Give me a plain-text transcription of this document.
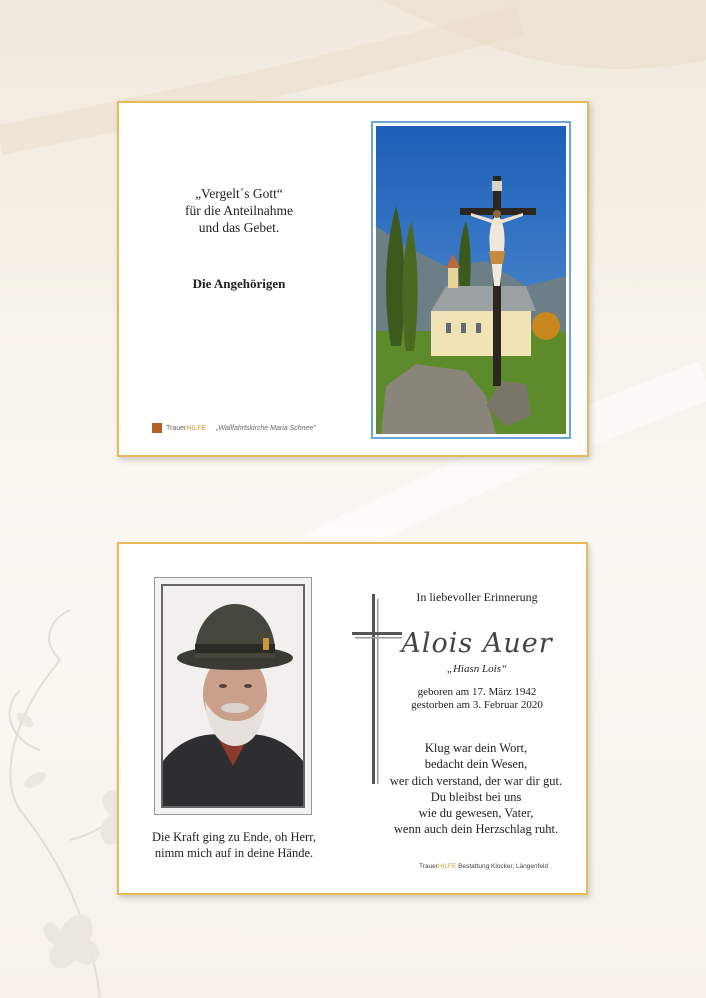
„Vergelt´s Gott“
für die Anteilnahme
und das Gebet.
Die Angehörigen
TrauerHILFE „Wallfahrtskirche Maria Schnee“
Die Kraft ging zu Ende, oh Herr,
nimm mich auf in deine Hände.
In liebevoller Erinnerung
Alois Auer
„Hiasn Lois“
geboren am 17. März 1942
gestorben am 3. Februar 2020
Klug war dein Wort,
bedacht dein Wesen,
wer dich verstand, der war dir gut.
Du bleibst bei uns
wie du gewesen, Vater,
wenn auch dein Herzschlag ruht.
TrauerHILFE Bestattung Klocker, Längenfeld
